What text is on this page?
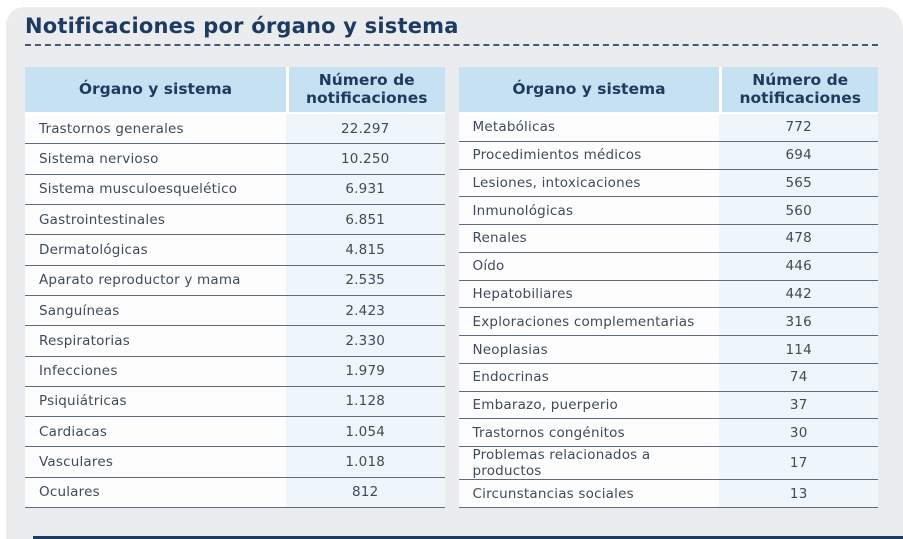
Notificaciones por órgano y sistema
Órgano y sistema	Número de notificaciones
Trastornos generales	22.297
Sistema nervioso	10.250
Sistema musculoesquelético	6.931
Gastrointestinales	6.851
Dermatológicas	4.815
Aparato reproductor y mama	2.535
Sanguíneas	2.423
Respiratorias	2.330
Infecciones	1.979
Psiquiátricas	1.128
Cardiacas	1.054
Vasculares	1.018
Oculares	812
Órgano y sistema	Número de notificaciones
Metabólicas	772
Procedimientos médicos	694
Lesiones, intoxicaciones	565
Inmunológicas	560
Renales	478
Oído	446
Hepatobiliares	442
Exploraciones complementarias	316
Neoplasias	114
Endocrinas	74
Embarazo, puerperio	37
Trastornos congénitos	30
Problemas relacionados a productos	17
Circunstancias sociales	13
